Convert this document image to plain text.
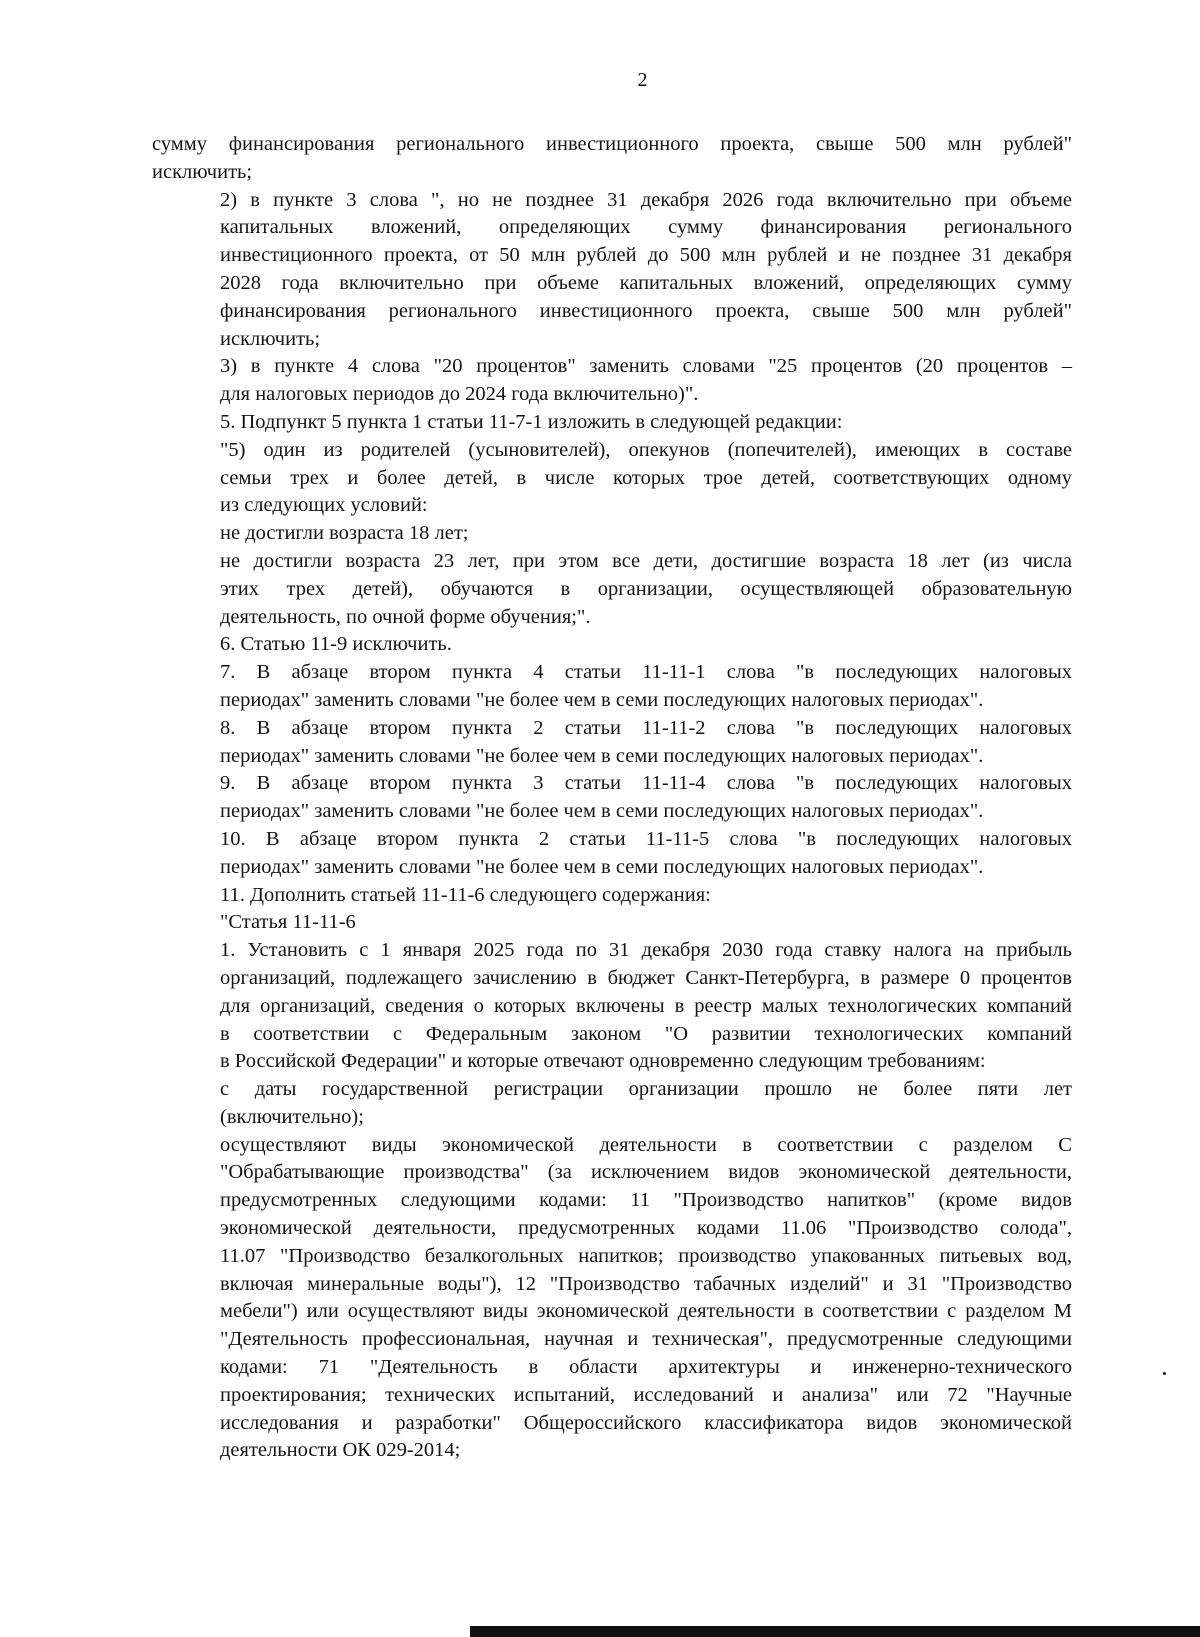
2

сумму финансирования регионального инвестиционного проекта, свыше 500 млн рублей"
исключить;

2) в пункте 3 слова ", но не позднее 31 декабря 2026 года включительно при объеме
капитальных вложений, определяющих сумму финансирования регионального
инвестиционного проекта, от 50 млн рублей до 500 млн рублей и не позднее 31 декабря
2028 года включительно при объеме капитальных вложений, определяющих сумму
финансирования регионального инвестиционного проекта, свыше 500 млн рублей"
исключить;

3) в пункте 4 слова "20 процентов" заменить словами "25 процентов (20 процентов –
для налоговых периодов до 2024 года включительно)".

5. Подпункт 5 пункта 1 статьи 11-7-1 изложить в следующей редакции:

"5) один из родителей (усыновителей), опекунов (попечителей), имеющих в составе
семьи трех и более детей, в числе которых трое детей, соответствующих одному
из следующих условий:

не достигли возраста 18 лет;

не достигли возраста 23 лет, при этом все дети, достигшие возраста 18 лет (из числа
этих трех детей), обучаются в организации, осуществляющей образовательную
деятельность, по очной форме обучения;".

6. Статью 11-9 исключить.

7. В абзаце втором пункта 4 статьи 11-11-1 слова "в последующих налоговых
периодах" заменить словами "не более чем в семи последующих налоговых периодах".

8. В абзаце втором пункта 2 статьи 11-11-2 слова "в последующих налоговых
периодах" заменить словами "не более чем в семи последующих налоговых периодах".

9. В абзаце втором пункта 3 статьи 11-11-4 слова "в последующих налоговых
периодах" заменить словами "не более чем в семи последующих налоговых периодах".

10. В абзаце втором пункта 2 статьи 11-11-5 слова "в последующих налоговых
периодах" заменить словами "не более чем в семи последующих налоговых периодах".

11. Дополнить статьей 11-11-6 следующего содержания:

"Статья 11-11-6

1. Установить с 1 января 2025 года по 31 декабря 2030 года ставку налога на прибыль
организаций, подлежащего зачислению в бюджет Санкт-Петербурга, в размере 0 процентов
для организаций, сведения о которых включены в реестр малых технологических компаний
в соответствии с Федеральным законом "О развитии технологических компаний
в Российской Федерации" и которые отвечают одновременно следующим требованиям:

с даты государственной регистрации организации прошло не более пяти лет
(включительно);

осуществляют виды экономической деятельности в соответствии с разделом С
"Обрабатывающие производства" (за исключением видов экономической деятельности,
предусмотренных следующими кодами: 11 "Производство напитков" (кроме видов
экономической деятельности, предусмотренных кодами 11.06 "Производство солода",
11.07 "Производство безалкогольных напитков; производство упакованных питьевых вод,
включая минеральные воды"), 12 "Производство табачных изделий" и 31 "Производство
мебели") или осуществляют виды экономической деятельности в соответствии с разделом М
"Деятельность профессиональная, научная и техническая", предусмотренные следующими
кодами: 71 "Деятельность в области архитектуры и инженерно-технического
проектирования; технических испытаний, исследований и анализа" или 72 "Научные
исследования и разработки" Общероссийского классификатора видов экономической
деятельности ОК 029-2014;
